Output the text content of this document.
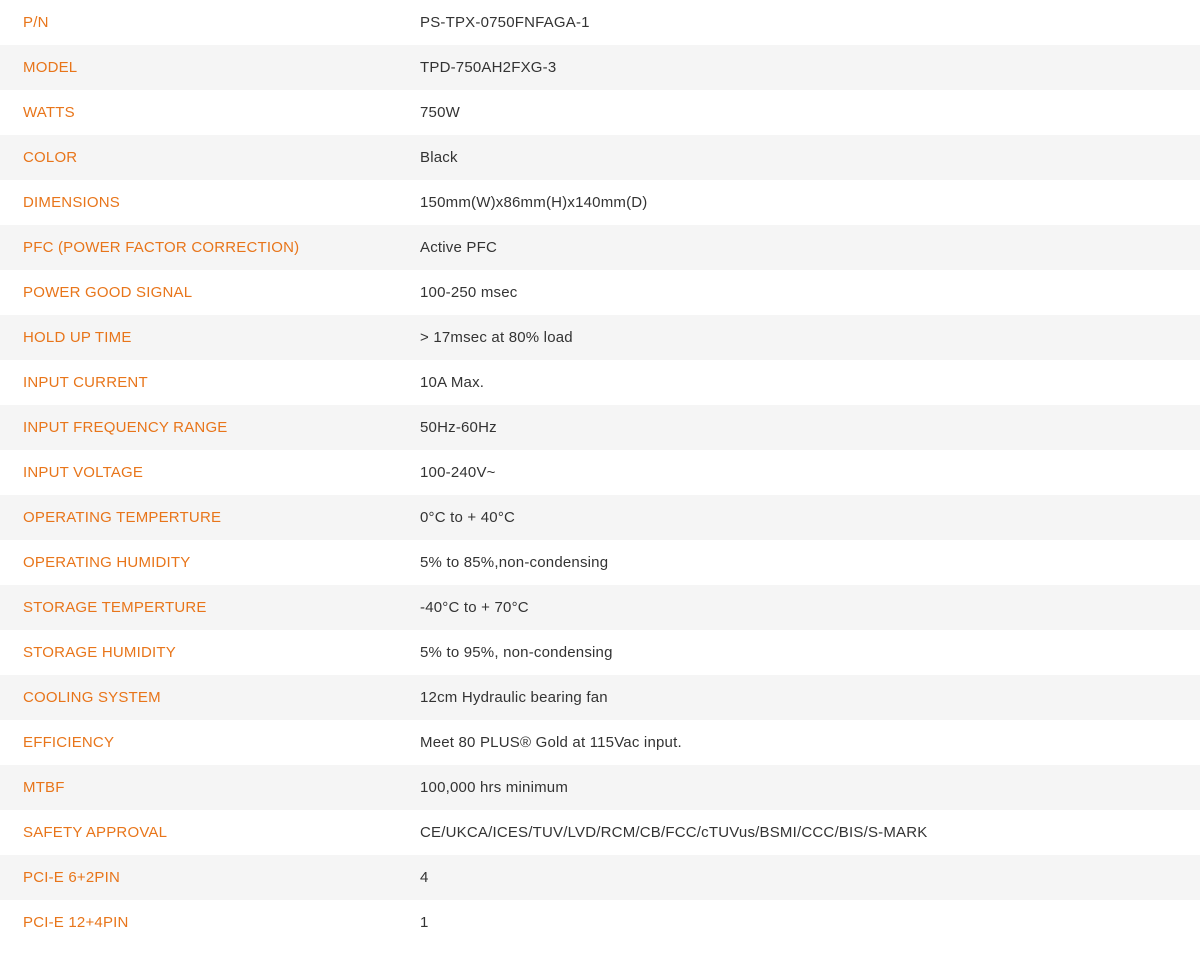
P/N	PS-TPX-0750FNFAGA-1
MODEL	TPD-750AH2FXG-3
WATTS	750W
COLOR	Black
DIMENSIONS	150mm(W)x86mm(H)x140mm(D)
PFC (POWER FACTOR CORRECTION)	Active PFC
POWER GOOD SIGNAL	100-250 msec
HOLD UP TIME	> 17msec at 80% load
INPUT CURRENT	10A Max.
INPUT FREQUENCY RANGE	50Hz-60Hz
INPUT VOLTAGE	100-240V~
OPERATING TEMPERTURE	0°C to + 40°C
OPERATING HUMIDITY	5% to 85%,non-condensing
STORAGE TEMPERTURE	-40°C to + 70°C
STORAGE HUMIDITY	5% to 95%, non-condensing
COOLING SYSTEM	12cm Hydraulic bearing fan
EFFICIENCY	Meet 80 PLUS® Gold at 115Vac input.
MTBF	100,000 hrs minimum
SAFETY APPROVAL	CE/UKCA/ICES/TUV/LVD/RCM/CB/FCC/cTUVus/BSMI/CCC/BIS/S-MARK
PCI-E 6+2PIN	4
PCI-E 12+4PIN	1
